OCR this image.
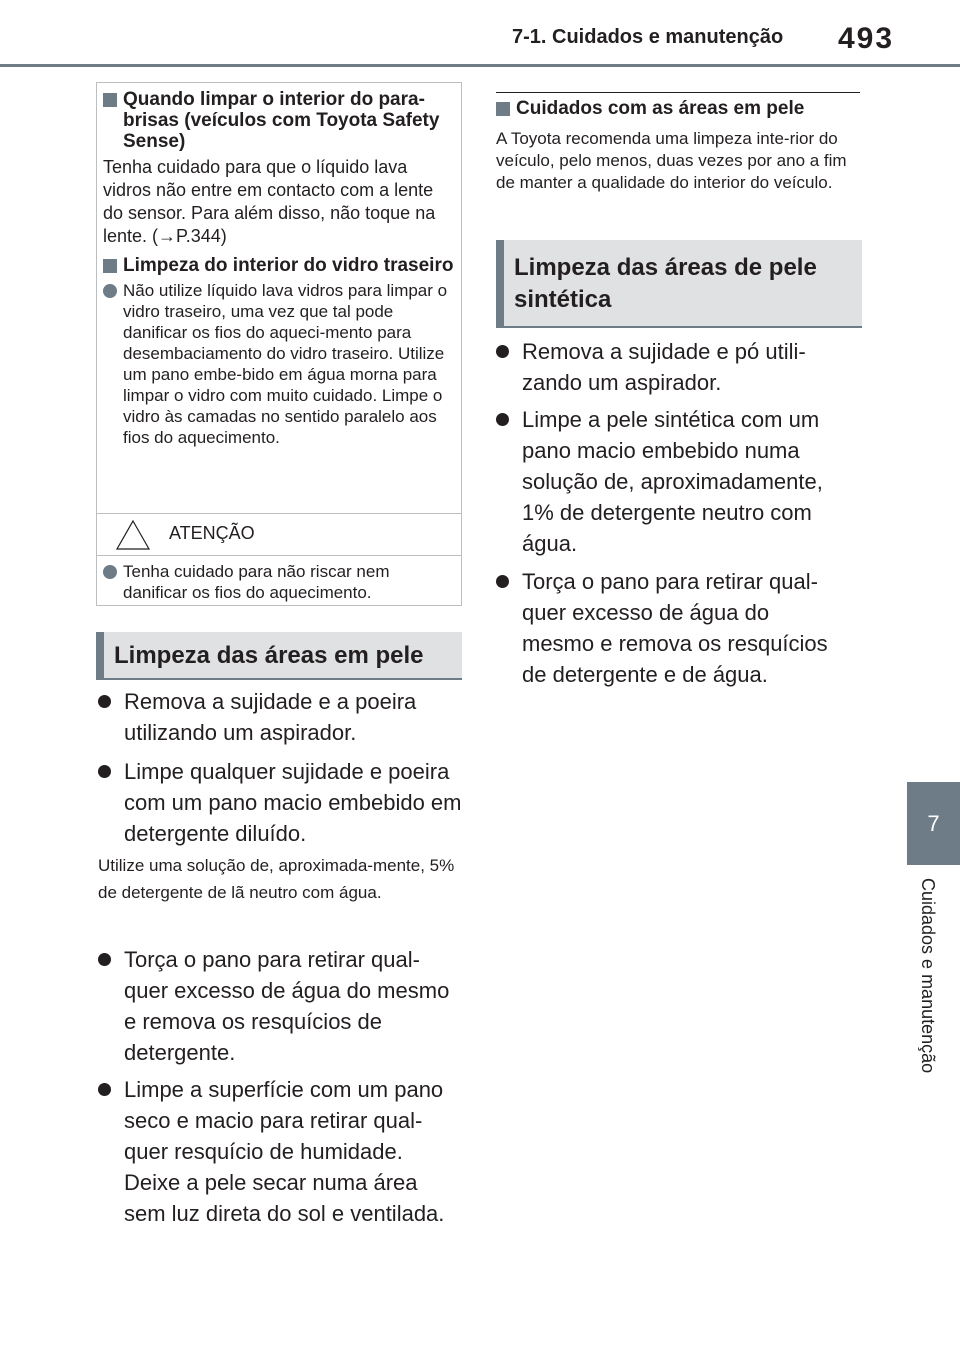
7-1. Cuidados e manutenção 493
7
Cuidados e manutenção
Quando limpar o interior do para-brisas (veículos com Toyota Safety Sense)
Tenha cuidado para que o líquido lava vidros não entre em contacto com a lente do sensor. Para além disso, não toque na lente. (→P.344)
Limpeza do interior do vidro traseiro
Não utilize líquido lava vidros para limpar o vidro traseiro, uma vez que tal pode danificar os fios do aqueci-mento para desembaciamento do vidro traseiro. Utilize um pano embe-bido em água morna para limpar o vidro com muito cuidado. Limpe o vidro às camadas no sentido paralelo aos fios do aquecimento.
ATENÇÃO
Tenha cuidado para não riscar nem danificar os fios do aquecimento.
Limpeza das áreas em pele
Remova a sujidade e a poeira utilizando um aspirador.
Limpe qualquer sujidade e poeira com um pano macio embebido em detergente diluído.
Utilize uma solução de, aproximada-mente, 5% de detergente de lã neutro com água.
Torça o pano para retirar qual-quer excesso de água do mesmo e remova os resquícios de detergente.
Limpe a superfície com um pano seco e macio para retirar qual-quer resquício de humidade. Deixe a pele secar numa área sem luz direta do sol e ventilada.
Cuidados com as áreas em pele
A Toyota recomenda uma limpeza inte-rior do veículo, pelo menos, duas vezes por ano a fim de manter a qualidade do interior do veículo.
Limpeza das áreas de pele sintética
Remova a sujidade e pó utili-zando um aspirador.
Limpe a pele sintética com um pano macio embebido numa solução de, aproximadamente, 1% de detergente neutro com água.
Torça o pano para retirar qual-quer excesso de água do mesmo e remova os resquícios de detergente e de água.
